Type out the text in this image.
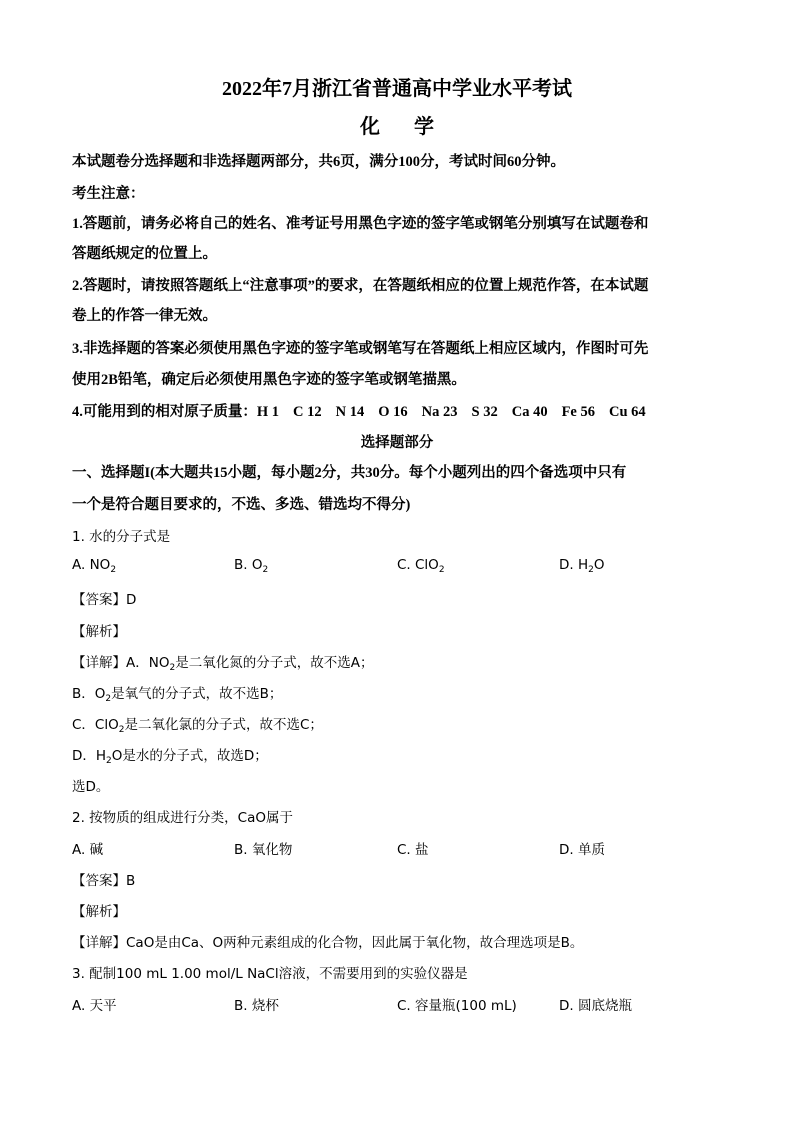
2022年7月浙江省普通高中学业水平考试
化学
本试题卷分选择题和非选择题两部分，共6页，满分100分，考试时间60分钟。
考生注意：
1.答题前，请务必将自己的姓名、准考证号用黑色字迹的签字笔或钢笔分别填写在试题卷和
答题纸规定的位置上。
2.答题时，请按照答题纸上“注意事项”的要求，在答题纸相应的位置上规范作答，在本试题
卷上的作答一律无效。
3.非选择题的答案必须使用黑色字迹的签字笔或钢笔写在答题纸上相应区域内，作图时可先
使用2B铅笔，确定后必须使用黑色字迹的签字笔或钢笔描黑。
4.可能用到的相对原子质量：H 1 C 12 N 14 O 16 Na 23 S 32 Ca 40 Fe 56 Cu 64
选择题部分
一、选择题I(本大题共15小题，每小题2分，共30分。每个小题列出的四个备选项中只有
一个是符合题目要求的，不选、多选、错选均不得分)
1. 水的分子式是
A. $NO_2$	B. $O_2$	C. ClO$_2$	D. $H_2O$
【答案】D
【解析】
【详解】A．$NO_2$是二氧化氮的分子式，故不选A；
B．$O_2$是氧气的分子式，故不选B；
C．ClO$_2$是二氧化氯的分子式，故不选C；
D．$H_2O$是水的分子式，故选D；
选D。
2. 按物质的组成进行分类，CaO属于
A. 碱	B. 氧化物	C. 盐	D. 单质
【答案】B
【解析】
【详解】CaO是由Ca、O两种元素组成的化合物，因此属于氧化物，故合理选项是B。
3. 配制100 mL 1.00 mol/L NaCl溶液，不需要用到的实验仪器是
A. 天平	B. 烧杯	C. 容量瓶(100 mL)	D. 圆底烧瓶
